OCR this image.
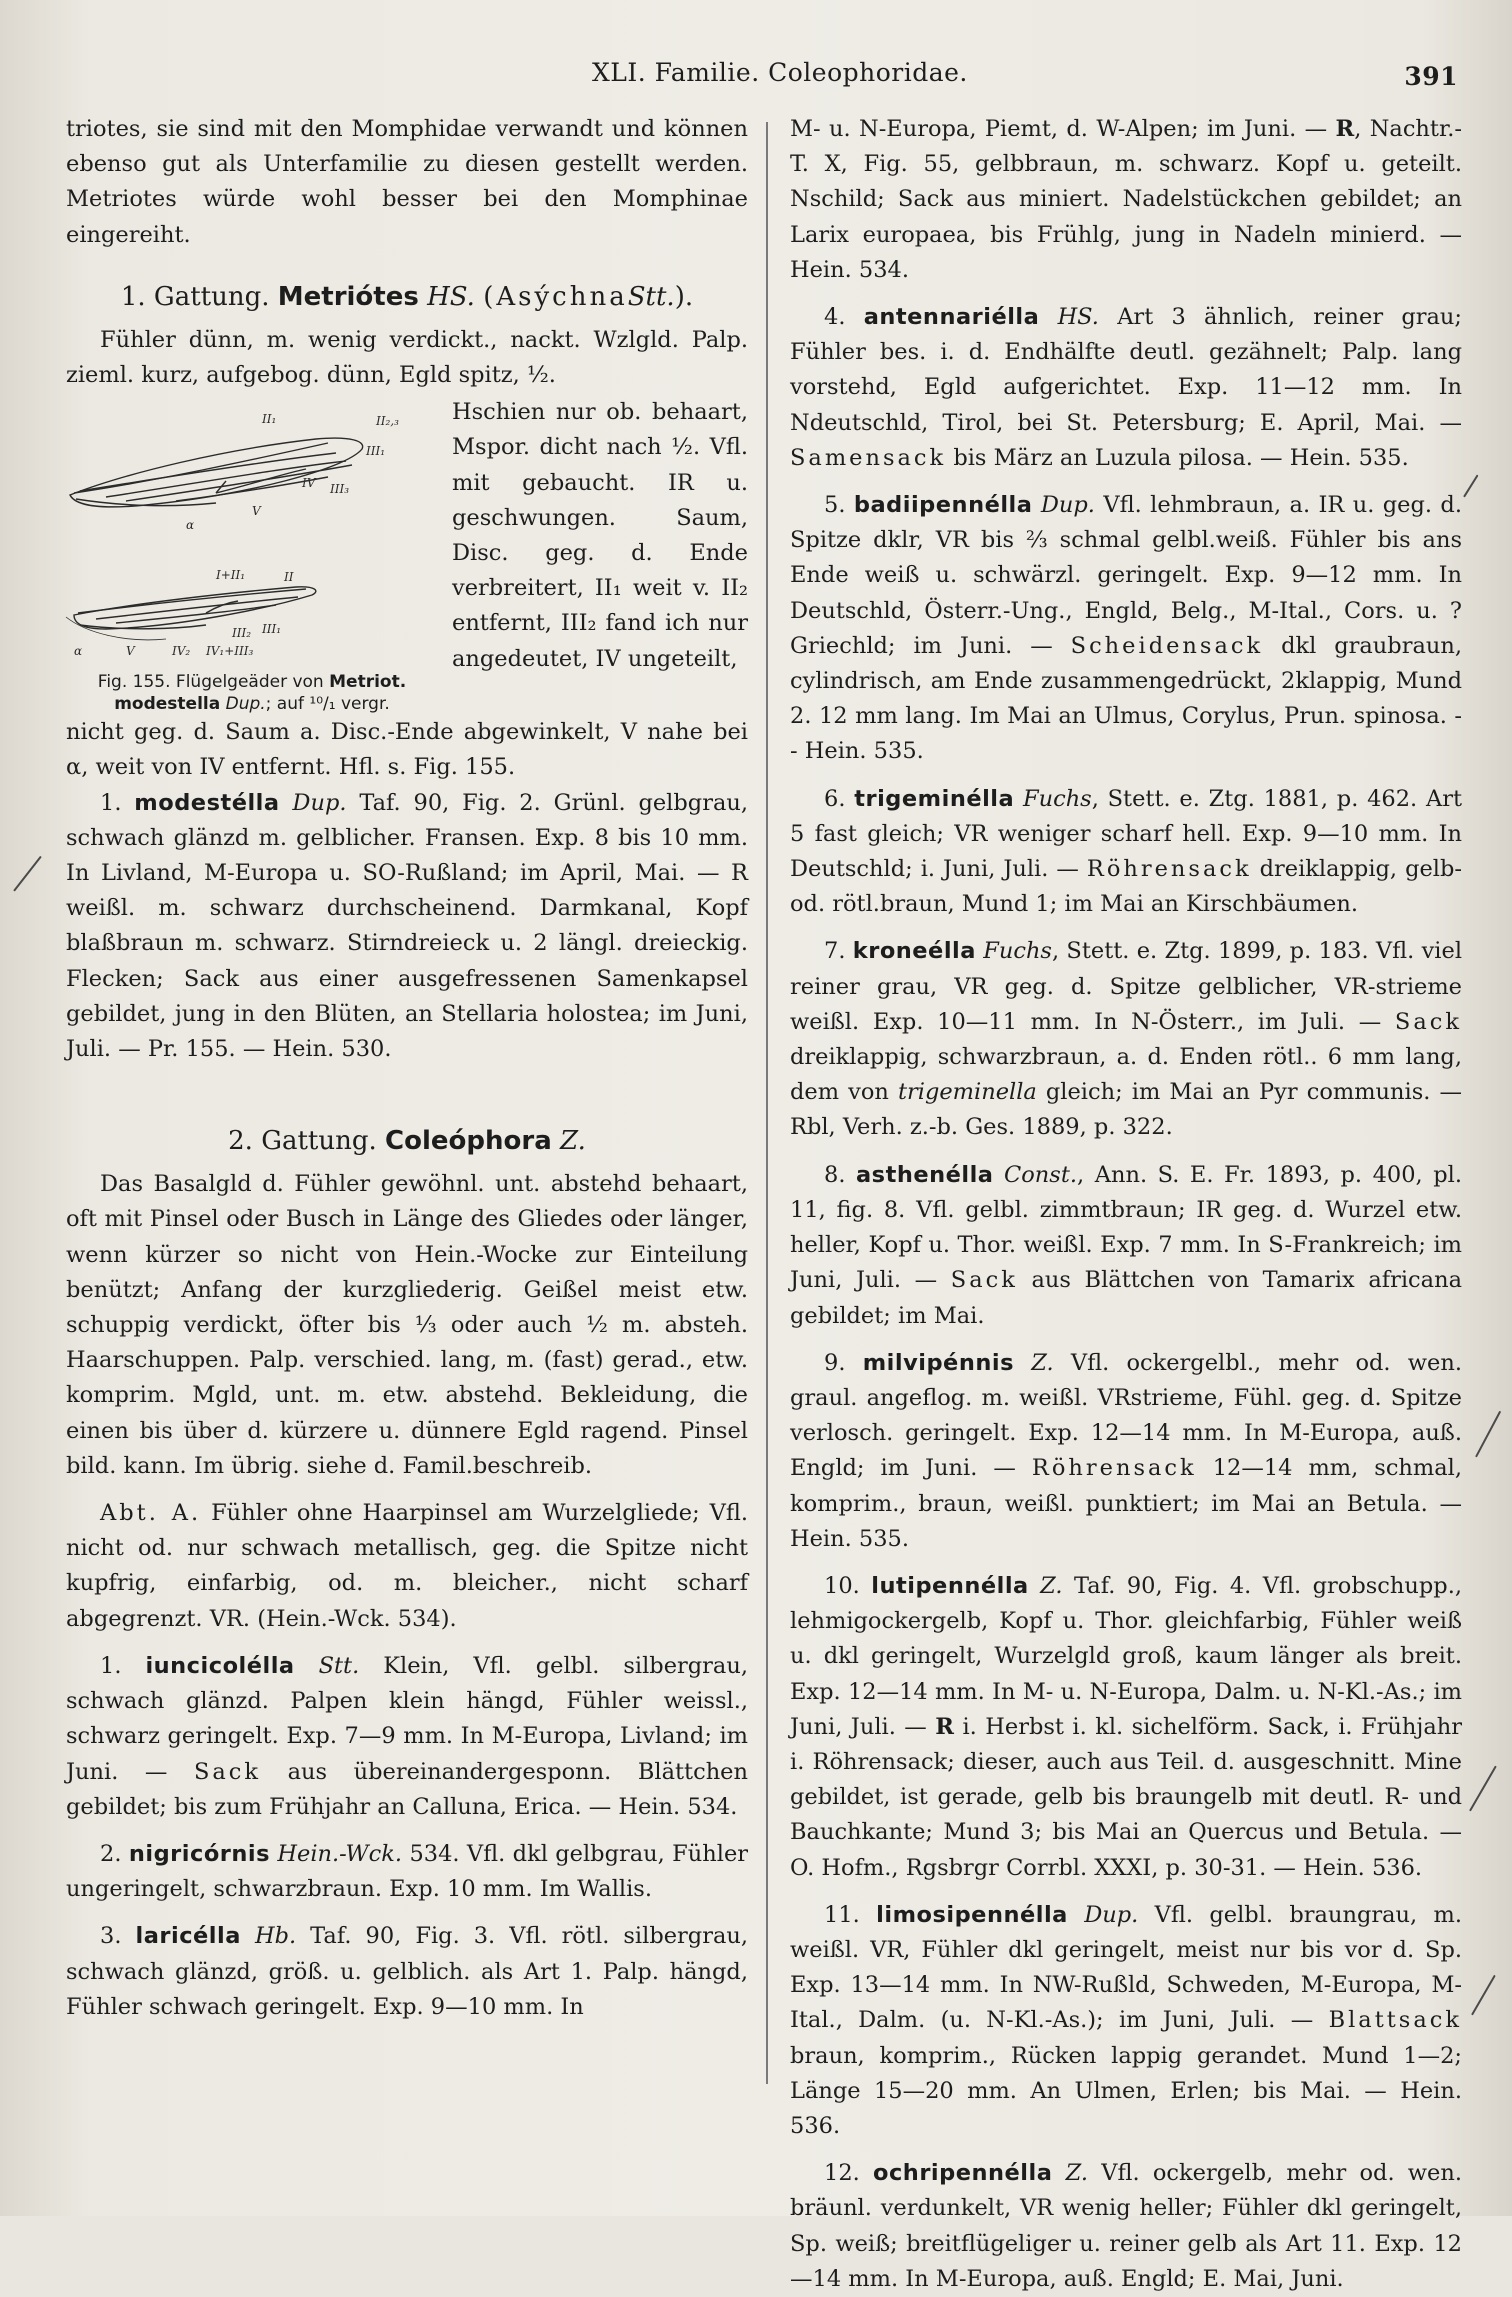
XLI. Familie. Coleophoridae.	391

triotes, sie sind mit den Momphidae verwandt und können ebenso gut als Unterfamilie zu diesen gestellt werden. Metriotes würde wohl besser bei den Momphinae eingereiht.

1. Gattung. Metriótes HS. (AsýchnaStt.).

Fühler dünn, m. wenig verdickt., nackt. Wzlgld. Palp. zieml. kurz, aufgebog. dünn, Egld spitz, ½.

II₁	II₂,₃
III₁
IV III₃
V
α
I+II₁	II
III₂ III₁
α	V	IV₂ IV₁+III₃
Fig. 155. Flügelgeäder von Metriot.
modestella Dup.; auf ¹⁰/₁ vergr.

Hschien nur ob. behaart, Mspor. dicht nach ½. Vfl. mit gebaucht. IR u. geschwungen. Saum, Disc. geg. d. Ende verbreitert, II₁ weit v. II₂ entfernt, III₂ fand ich nur angedeutet, IV ungeteilt,

nicht geg. d. Saum a. Disc.-Ende abgewinkelt, V nahe bei α, weit von IV entfernt. Hfl. s. Fig. 155.

1. modestélla Dup. Taf. 90, Fig. 2. Grünl. gelbgrau, schwach glänzd m. gelblicher. Fransen. Exp. 8 bis 10 mm. In Livland, M-Europa u. SO-Rußland; im April, Mai. — R weißl. m. schwarz durchscheinend. Darmkanal, Kopf blaßbraun m. schwarz. Stirndreieck u. 2 längl. dreieckig. Flecken; Sack aus einer ausgefressenen Samenkapsel gebildet, jung in den Blüten, an Stellaria holostea; im Juni, Juli. — Pr. 155. — Hein. 530.

2. Gattung. Coleóphora Z.

Das Basalgld d. Fühler gewöhnl. unt. abstehd behaart, oft mit Pinsel oder Busch in Länge des Gliedes oder länger, wenn kürzer so nicht von Hein.-Wocke zur Einteilung benützt; Anfang der kurzgliederig. Geißel meist etw. schuppig verdickt, öfter bis ⅓ oder auch ½ m. absteh. Haarschuppen. Palp. verschied. lang, m. (fast) gerad., etw. komprim. Mgld, unt. m. etw. abstehd. Bekleidung, die einen bis über d. kürzere u. dünnere Egld ragend. Pinsel bild. kann. Im übrig. siehe d. Famil.beschreib.

Abt. A. Fühler ohne Haarpinsel am Wurzelgliede; Vfl. nicht od. nur schwach metallisch, geg. die Spitze nicht kupfrig, einfarbig, od. m. bleicher., nicht scharf abgegrenzt. VR. (Hein.-Wck. 534).

1. iuncicolélla Stt. Klein, Vfl. gelbl. silbergrau, schwach glänzd. Palpen klein hängd, Fühler weissl., schwarz geringelt. Exp. 7—9 mm. In M-Europa, Livland; im Juni. — Sack aus übereinandergesponn. Blättchen gebildet; bis zum Frühjahr an Calluna, Erica. — Hein. 534.

2. nigricórnis Hein.-Wck. 534. Vfl. dkl gelbgrau, Fühler ungeringelt, schwarzbraun. Exp. 10 mm. Im Wallis.

3. laricélla Hb. Taf. 90, Fig. 3. Vfl. rötl. silbergrau, schwach glänzd, größ. u. gelblich. als Art 1. Palp. hängd, Fühler schwach geringelt. Exp. 9—10 mm. In

M- u. N-Europa, Piemt, d. W-Alpen; im Juni. — R, Nachtr.-T. X, Fig. 55, gelbbraun, m. schwarz. Kopf u. geteilt. Nschild; Sack aus miniert. Nadelstückchen gebildet; an Larix europaea, bis Frühlg, jung in Nadeln minierd. — Hein. 534.

4. antennariélla HS. Art 3 ähnlich, reiner grau; Fühler bes. i. d. Endhälfte deutl. gezähnelt; Palp. lang vorstehd, Egld aufgerichtet. Exp. 11—12 mm. In Ndeutschld, Tirol, bei St. Petersburg; E. April, Mai. — Samensack bis März an Luzula pilosa. — Hein. 535.

5. badiipennélla Dup. Vfl. lehmbraun, a. IR u. geg. d. Spitze dklr, VR bis ⅔ schmal gelbl.weiß. Fühler bis ans Ende weiß u. schwärzl. geringelt. Exp. 9—12 mm. In Deutschld, Österr.-Ung., Engld, Belg., M-Ital., Cors. u. ? Griechld; im Juni. — Scheidensack dkl graubraun, cylindrisch, am Ende zusammengedrückt, 2klappig, Mund 2. 12 mm lang. Im Mai an Ulmus, Corylus, Prun. spinosa. -- Hein. 535.

6. trigeminélla Fuchs, Stett. e. Ztg. 1881, p. 462. Art 5 fast gleich; VR weniger scharf hell. Exp. 9—10 mm. In Deutschld; i. Juni, Juli. — Röhrensack dreiklappig, gelb- od. rötl.braun, Mund 1; im Mai an Kirschbäumen.

7. kroneélla Fuchs, Stett. e. Ztg. 1899, p. 183. Vfl. viel reiner grau, VR geg. d. Spitze gelblicher, VR-strieme weißl. Exp. 10—11 mm. In N-Österr., im Juli. — Sack dreiklappig, schwarzbraun, a. d. Enden rötl.. 6 mm lang, dem von trigeminella gleich; im Mai an Pyr communis. — Rbl, Verh. z.-b. Ges. 1889, p. 322.

8. asthenélla Const., Ann. S. E. Fr. 1893, p. 400, pl. 11, fig. 8. Vfl. gelbl. zimmtbraun; IR geg. d. Wurzel etw. heller, Kopf u. Thor. weißl. Exp. 7 mm. In S-Frankreich; im Juni, Juli. — Sack aus Blättchen von Tamarix africana gebildet; im Mai.

9. milvipénnis Z. Vfl. ockergelbl., mehr od. wen. graul. angeflog. m. weißl. VRstrieme, Fühl. geg. d. Spitze verlosch. geringelt. Exp. 12—14 mm. In M-Europa, auß. Engld; im Juni. — Röhrensack 12—14 mm, schmal, komprim., braun, weißl. punktiert; im Mai an Betula. — Hein. 535.

10. lutipennélla Z. Taf. 90, Fig. 4. Vfl. grobschupp., lehmigockergelb, Kopf u. Thor. gleichfarbig, Fühler weiß u. dkl geringelt, Wurzelgld groß, kaum länger als breit. Exp. 12—14 mm. In M- u. N-Europa, Dalm. u. N-Kl.-As.; im Juni, Juli. — R i. Herbst i. kl. sichelförm. Sack, i. Frühjahr i. Röhrensack; dieser, auch aus Teil. d. ausgeschnitt. Mine gebildet, ist gerade, gelb bis braungelb mit deutl. R- und Bauchkante; Mund 3; bis Mai an Quercus und Betula. — O. Hofm., Rgsbrgr Corrbl. XXXI, p. 30-31. — Hein. 536.

11. limosipennélla Dup. Vfl. gelbl. braungrau, m. weißl. VR, Fühler dkl geringelt, meist nur bis vor d. Sp. Exp. 13—14 mm. In NW-Rußld, Schweden, M-Europa, M-Ital., Dalm. (u. N-Kl.-As.); im Juni, Juli. — Blattsack braun, komprim., Rücken lappig gerandet. Mund 1—2; Länge 15—20 mm. An Ulmen, Erlen; bis Mai. — Hein. 536.

12. ochripennélla Z. Vfl. ockergelb, mehr od. wen. bräunl. verdunkelt, VR wenig heller; Fühler dkl geringelt, Sp. weiß; breitflügeliger u. reiner gelb als Art 11. Exp. 12—14 mm. In M-Europa, auß. Engld; E. Mai, Juni.
